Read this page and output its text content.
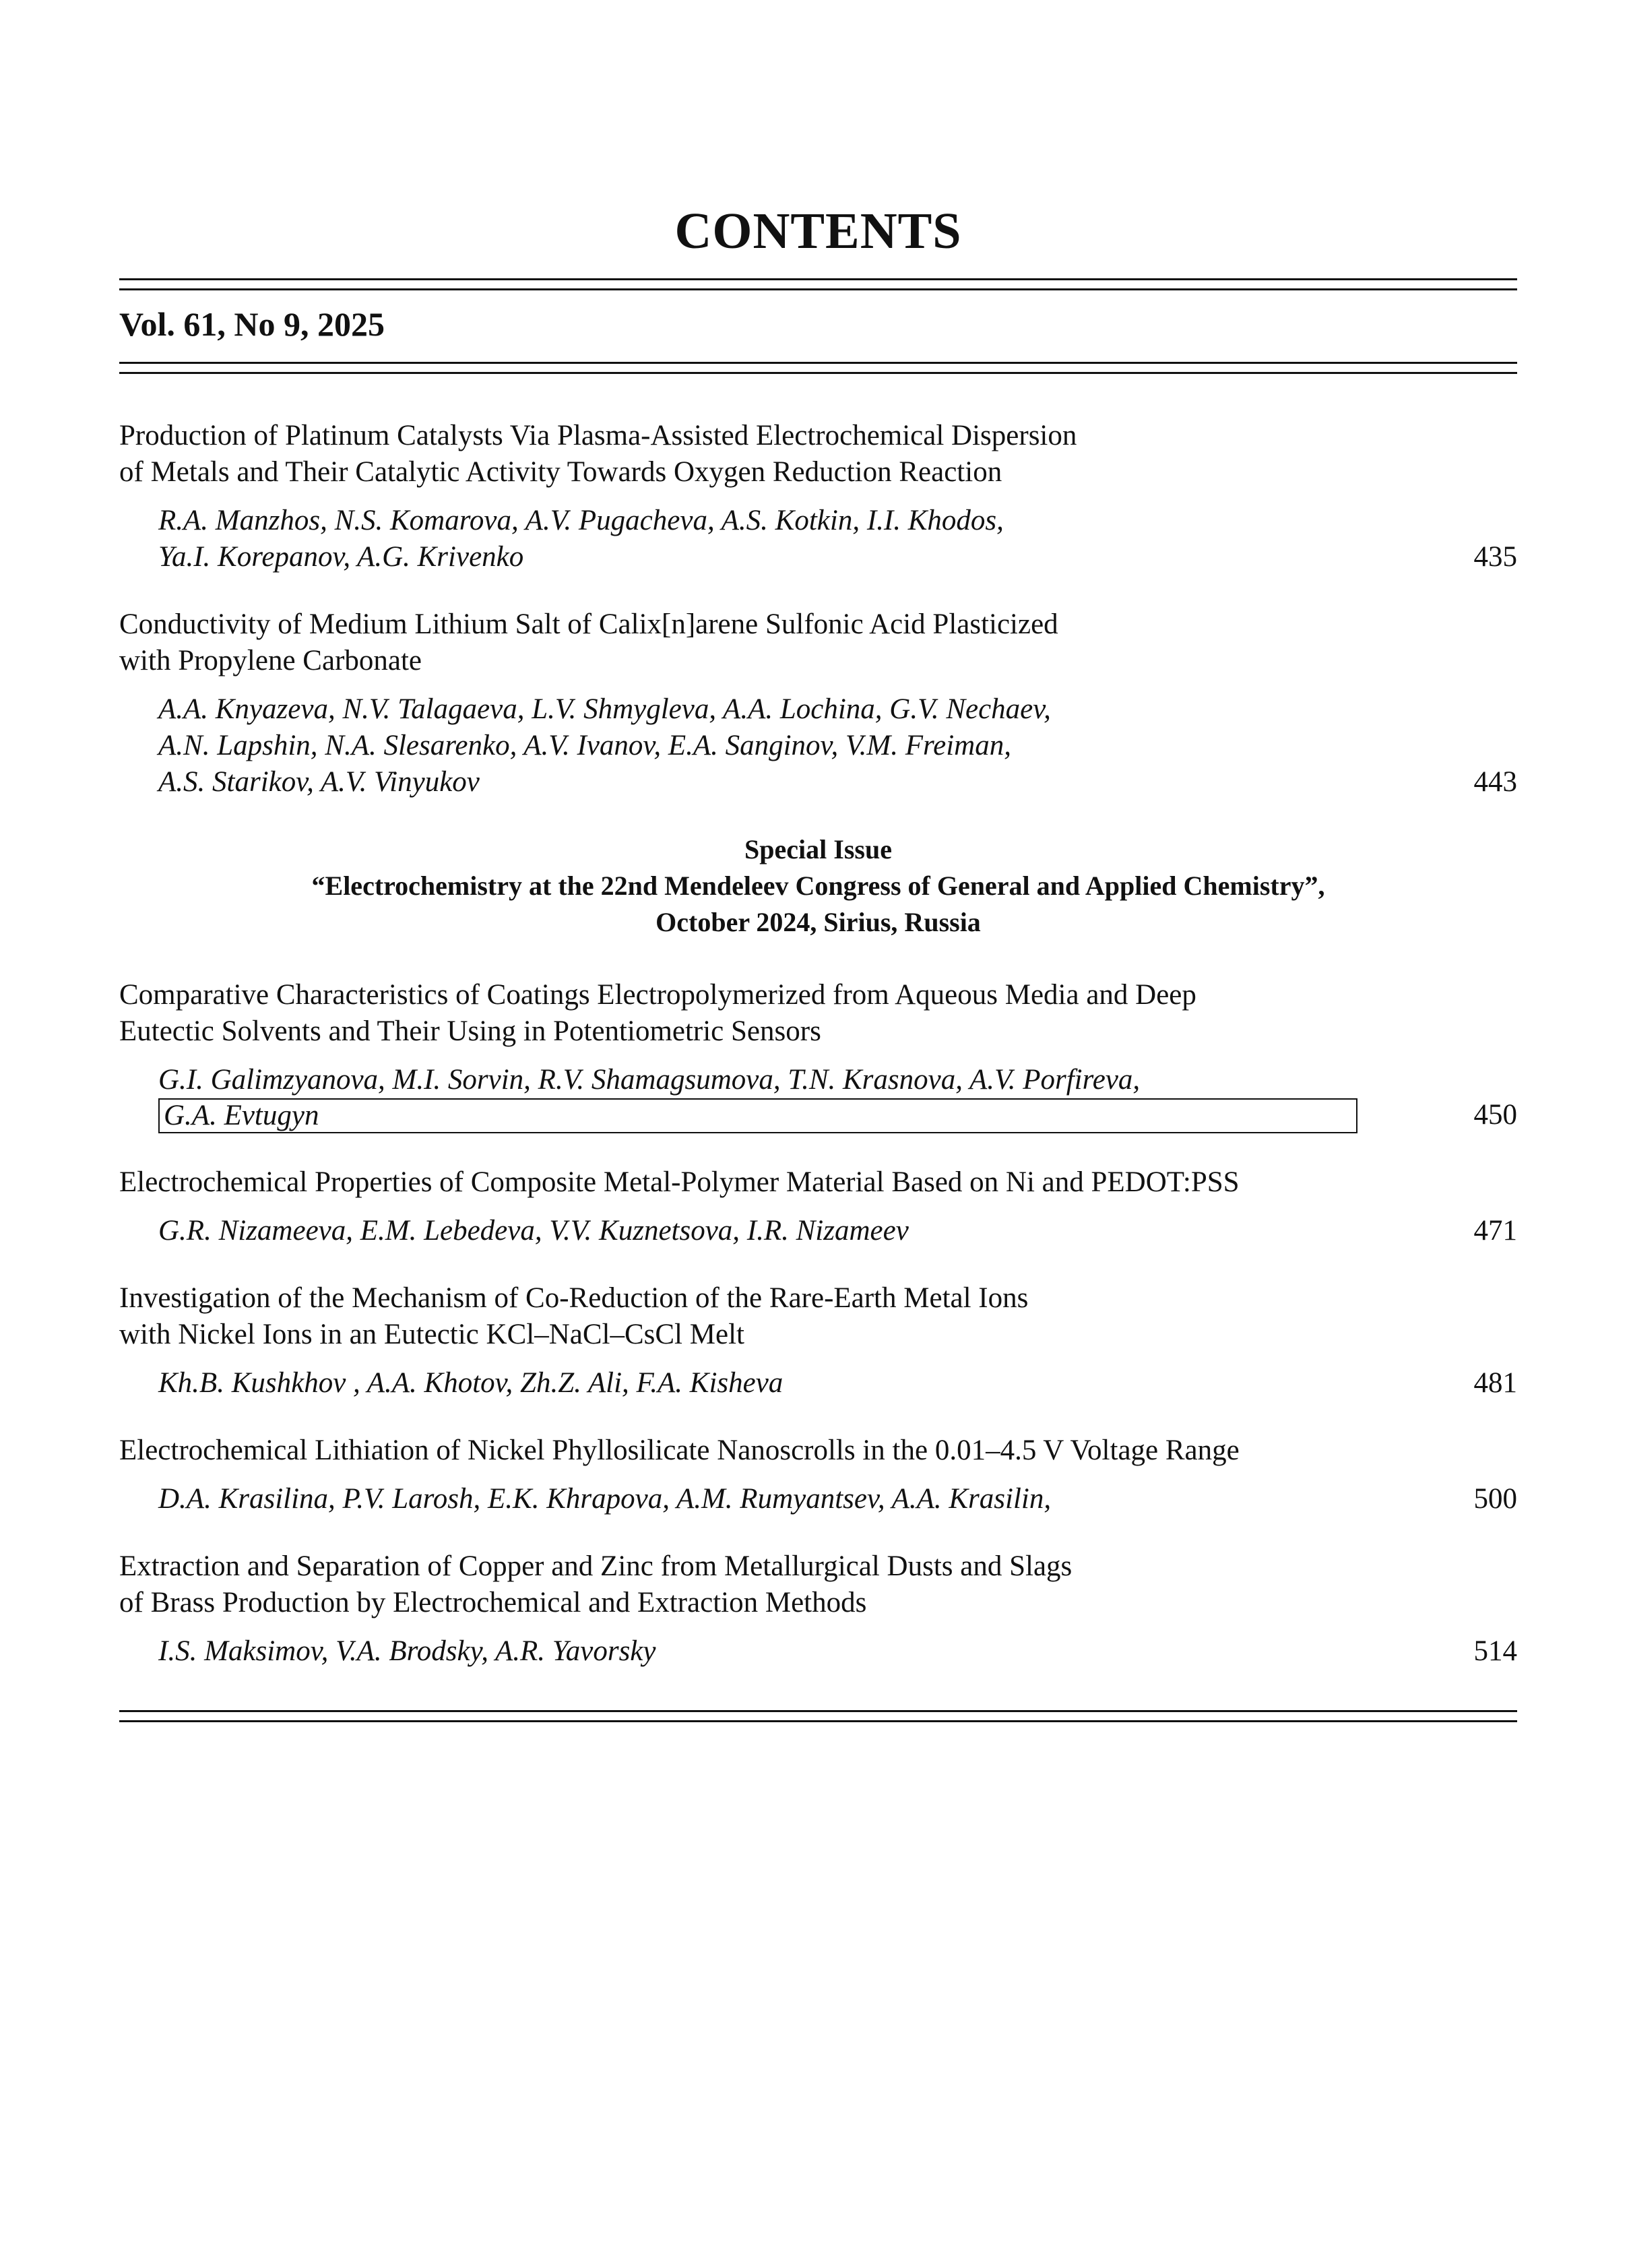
CONTENTS
Vol. 61, No 9, 2025
Production of Platinum Catalysts Via Plasma-Assisted Electrochemical Dispersion
of Metals and Their Catalytic Activity Towards Oxygen Reduction Reaction
R.A. Manzhos, N.S. Komarova, A.V. Pugacheva, A.S. Kotkin, I.I. Khodos,
Ya.I. Korepanov, A.G. Krivenko	435
Conductivity of Medium Lithium Salt of Calix[n]arene Sulfonic Acid Plasticized
with Propylene Carbonate
A.A. Knyazeva, N.V. Talagaeva, L.V. Shmygleva, A.A. Lochina, G.V. Nechaev,
A.N. Lapshin, N.A. Slesarenko, A.V. Ivanov, E.A. Sanginov, V.M. Freiman,
A.S. Starikov, A.V. Vinyukov	443
Special Issue
“Electrochemistry at the 22nd Mendeleev Congress of General and Applied Chemistry”,
October 2024, Sirius, Russia
Comparative Characteristics of Coatings Electropolymerized from Aqueous Media and Deep
Eutectic Solvents and Their Using in Potentiometric Sensors
G.I. Galimzyanova, M.I. Sorvin, R.V. Shamagsumova, T.N. Krasnova, A.V. Porfireva,
G.A. Evtugyn	450
Electrochemical Properties of Composite Metal-Polymer Material Based on Ni and PEDOT:PSS
G.R. Nizameeva, E.M. Lebedeva, V.V. Kuznetsova, I.R. Nizameev	471
Investigation of the Mechanism of Co-Reduction of the Rare-Earth Metal Ions
with Nickel Ions in an Eutectic KCl–NaCl–CsCl Melt
Kh.B. Kushkhov , A.A. Khotov, Zh.Z. Ali, F.A. Kisheva	481
Electrochemical Lithiation of Nickel Phyllosilicate Nanoscrolls in the 0.01–4.5 V Voltage Range
D.A. Krasilina, P.V. Larosh, E.K. Khrapova, A.M. Rumyantsev, A.A. Krasilin,	500
Extraction and Separation of Copper and Zinc from Metallurgical Dusts and Slags
of Brass Production by Electrochemical and Extraction Methods
I.S. Maksimov, V.A. Brodsky, A.R. Yavorsky	514
